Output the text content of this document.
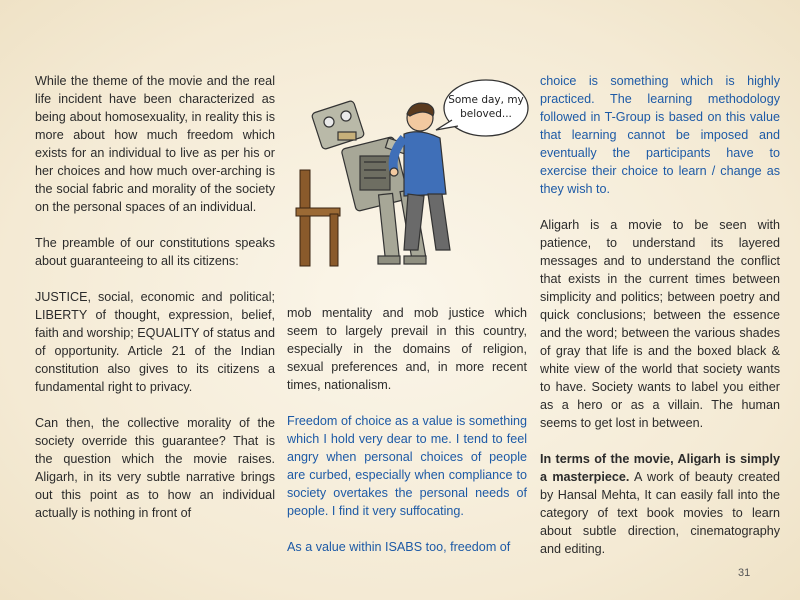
While the theme of the movie and the real life incident have been characterized as being about homosexuality, in reality this is more about how much freedom which exists for an individual to live as per his or her choices and how much over-arching is the social fabric and morality of the society on the personal spaces of an individual.

The preamble of our constitutions speaks about guaranteeing to all its citizens:

JUSTICE, social, economic and political; LIBERTY of thought, expression, belief, faith and worship; EQUALITY of status and of opportunity. Article 21 of the Indian constitution also gives to its citizens a fundamental right to privacy.

Can then, the collective morality of the society override this guarantee? That is the question which the movie raises. Aligarh, in its very subtle narrative brings out this point as to how an individual actually is nothing in front of

Some day, my
beloved...

mob mentality and mob justice which seem to largely prevail in this country, especially in the domains of religion, sexual preferences and, in more recent times, nationalism.

Freedom of choice as a value is something which I hold very dear to me. I tend to feel angry when personal choices of people are curbed, especially when compliance to society overtakes the personal needs of people. I find it very suffocating.

As a value within ISABS too, freedom of

choice is something which is highly practiced. The learning methodology followed in T-Group is based on this value that learning cannot be imposed and eventually the participants have to exercise their choice to learn / change as they wish to.

Aligarh is a movie to be seen with patience, to understand its layered messages and to understand the conflict that exists in the current times between simplicity and politics; between poetry and quick conclusions; between the essence and the word; between the various shades of gray that life is and the boxed black & white view of the world that society wants to have. Society wants to label you either as a hero or as a villain. The human seems to get lost in between.

In terms of the movie, Aligarh is simply a masterpiece. A work of beauty created by Hansal Mehta, It can easily fall into the category of text book movies to learn about subtle direction, cinematography and editing.

31
